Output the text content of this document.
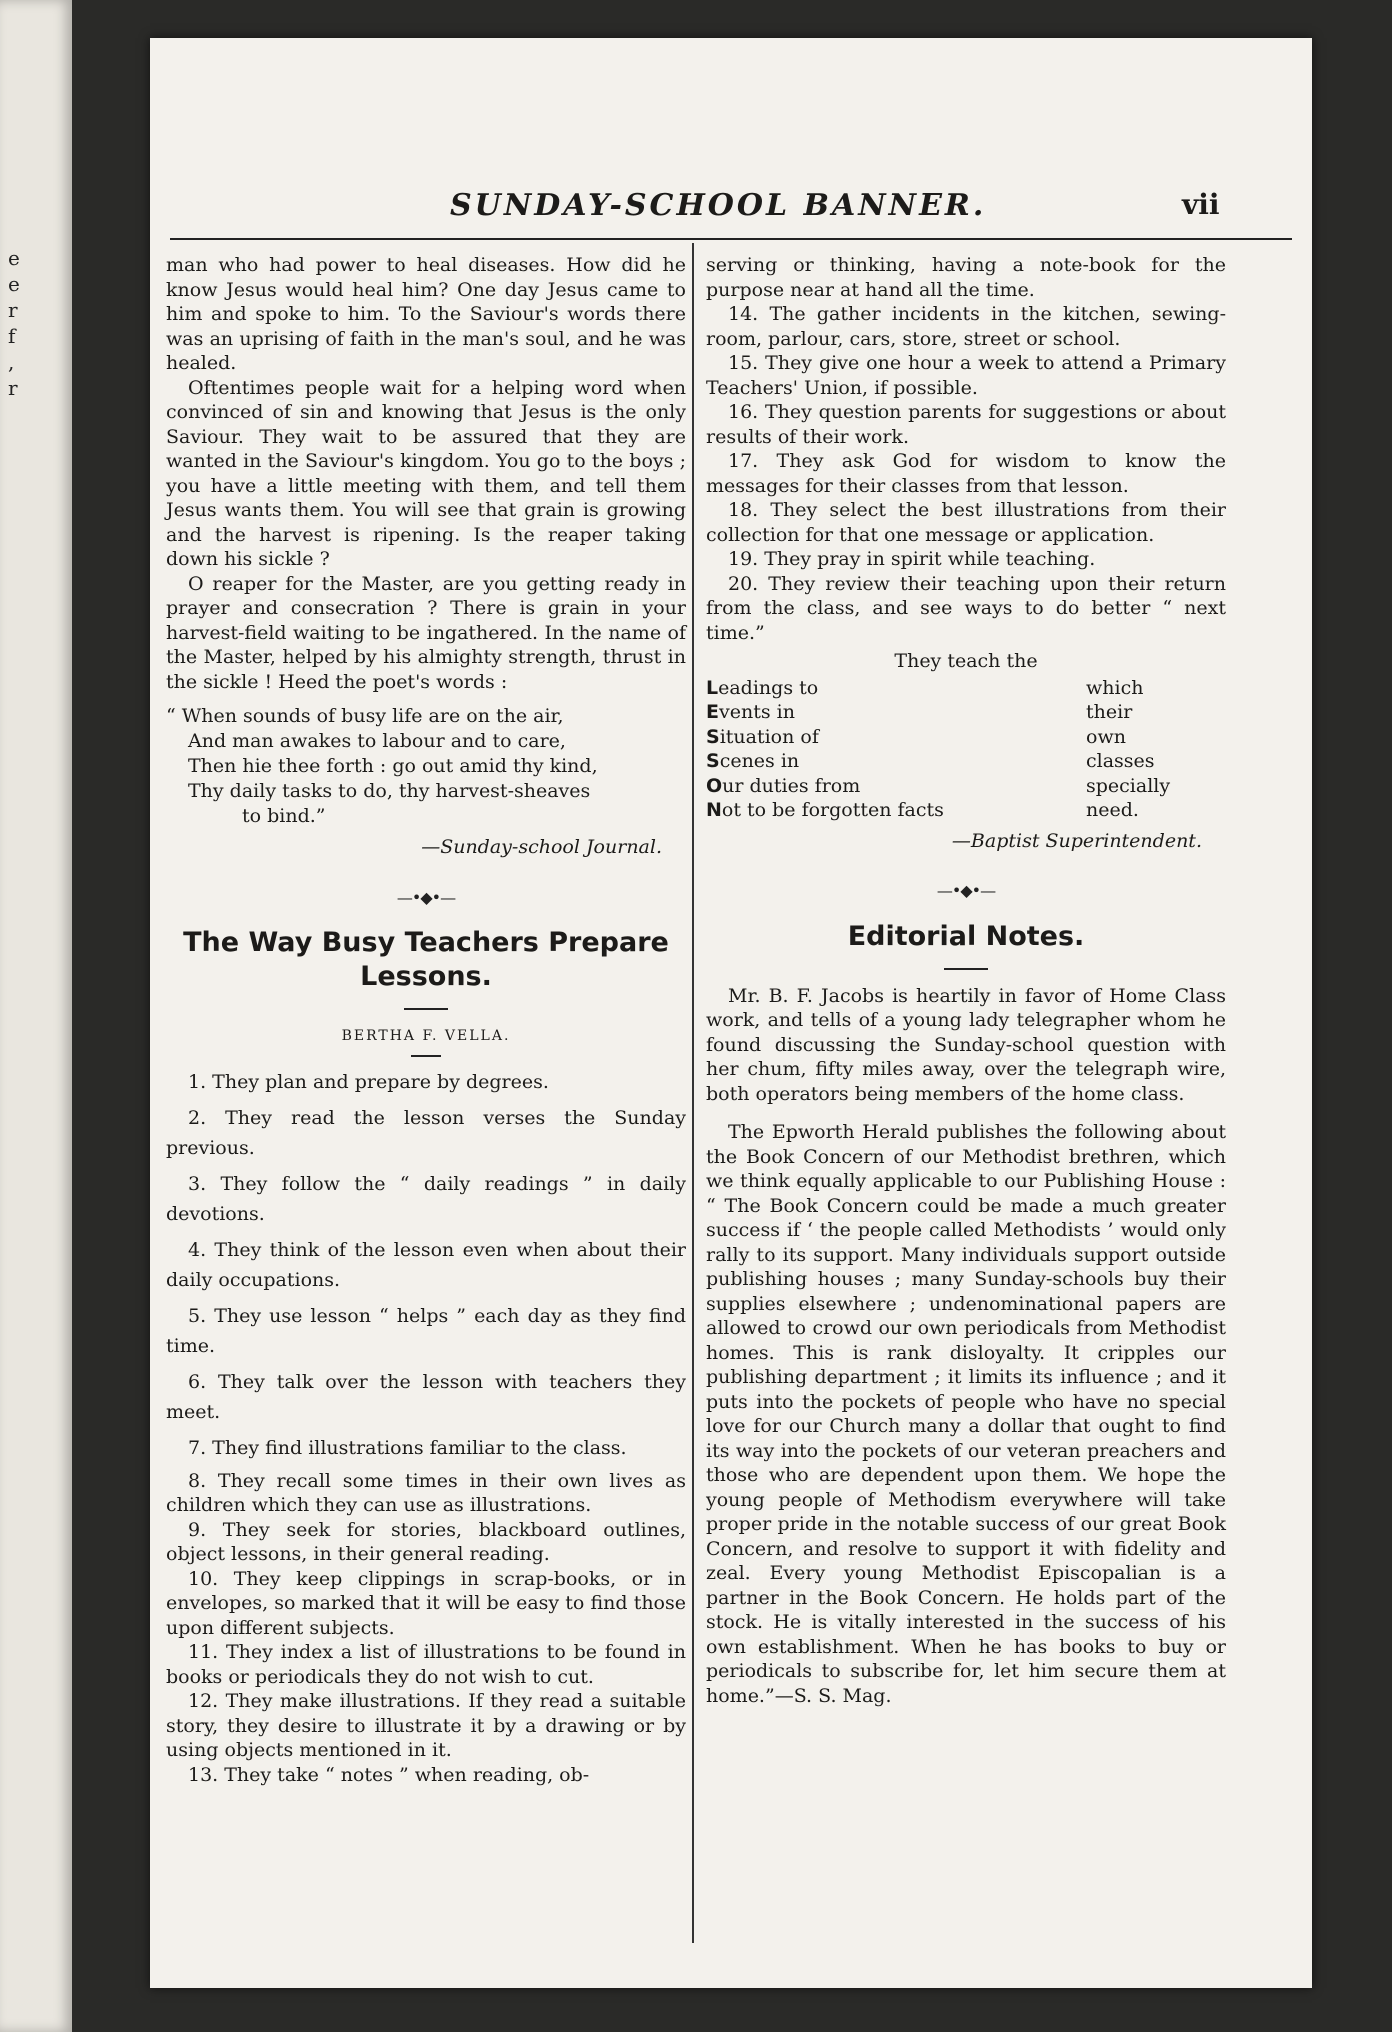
e
e
r
f
,
r
SUNDAY-SCHOOL BANNER.	vii

man who had power to heal diseases. How did he know Jesus would heal him? One day Jesus came to him and spoke to him. To the Saviour's words there was an uprising of faith in the man's soul, and he was healed.

Oftentimes people wait for a helping word when convinced of sin and knowing that Jesus is the only Saviour. They wait to be assured that they are wanted in the Saviour's kingdom. You go to the boys ; you have a little meeting with them, and tell them Jesus wants them. You will see that grain is growing and the harvest is ripening. Is the reaper taking down his sickle ?

O reaper for the Master, are you getting ready in prayer and consecration ? There is grain in your harvest-field waiting to be ingathered. In the name of the Master, helped by his almighty strength, thrust in the sickle ! Heed the poet's words :

“ When sounds of busy life are on the air,
And man awakes to labour and to care,
Then hie thee forth : go out amid thy kind,
Thy daily tasks to do, thy harvest-sheaves
to bind.”
—Sunday-school Journal.
—•◆•—
The Way Busy Teachers Prepare Lessons.
BERTHA F. VELLA.

1. They plan and prepare by degrees.

2. They read the lesson verses the Sunday previous.

3. They follow the “ daily readings ” in daily devotions.

4. They think of the lesson even when about their daily occupations.

5. They use lesson “ helps ” each day as they find time.

6. They talk over the lesson with teachers they meet.

7. They find illustrations familiar to the class.

8. They recall some times in their own lives as children which they can use as illustrations.

9. They seek for stories, blackboard outlines, object lessons, in their general reading.

10. They keep clippings in scrap-books, or in envelopes, so marked that it will be easy to find those upon different subjects.

11. They index a list of illustrations to be found in books or periodicals they do not wish to cut.

12. They make illustrations. If they read a suitable story, they desire to illustrate it by a drawing or by using objects mentioned in it.

13. They take “ notes ” when reading, ob-

serving or thinking, having a note-book for the purpose near at hand all the time.

14. The gather incidents in the kitchen, sewing-room, parlour, cars, store, street or school.

15. They give one hour a week to attend a Primary Teachers' Union, if possible.

16. They question parents for suggestions or about results of their work.

17. They ask God for wisdom to know the messages for their classes from that lesson.

18. They select the best illustrations from their collection for that one message or application.

19. They pray in spirit while teaching.

20. They review their teaching upon their return from the class, and see ways to do better “ next time.”

They teach the
Leadings to	which
Events in	their
Situation of	own
Scenes in	classes
Our duties from	specially
Not to be forgotten facts	need.
—Baptist Superintendent.
—•◆•—
Editorial Notes.

Mr. B. F. Jacobs is heartily in favor of Home Class work, and tells of a young lady telegrapher whom he found discussing the Sunday-school question with her chum, fifty miles away, over the telegraph wire, both operators being members of the home class.

The Epworth Herald publishes the following about the Book Concern of our Methodist brethren, which we think equally applicable to our Publishing House : “ The Book Concern could be made a much greater success if ‘ the people called Methodists ’ would only rally to its support. Many individuals support outside publishing houses ; many Sunday-schools buy their supplies elsewhere ; undenominational papers are allowed to crowd our own periodicals from Methodist homes. This is rank disloyalty. It cripples our publishing department ; it limits its influence ; and it puts into the pockets of people who have no special love for our Church many a dollar that ought to find its way into the pockets of our veteran preachers and those who are dependent upon them. We hope the young people of Methodism everywhere will take proper pride in the notable success of our great Book Concern, and resolve to support it with fidelity and zeal. Every young Methodist Episcopalian is a partner in the Book Concern. He holds part of the stock. He is vitally interested in the success of his own establishment. When he has books to buy or periodicals to subscribe for, let him secure them at home.”—S. S. Mag.
